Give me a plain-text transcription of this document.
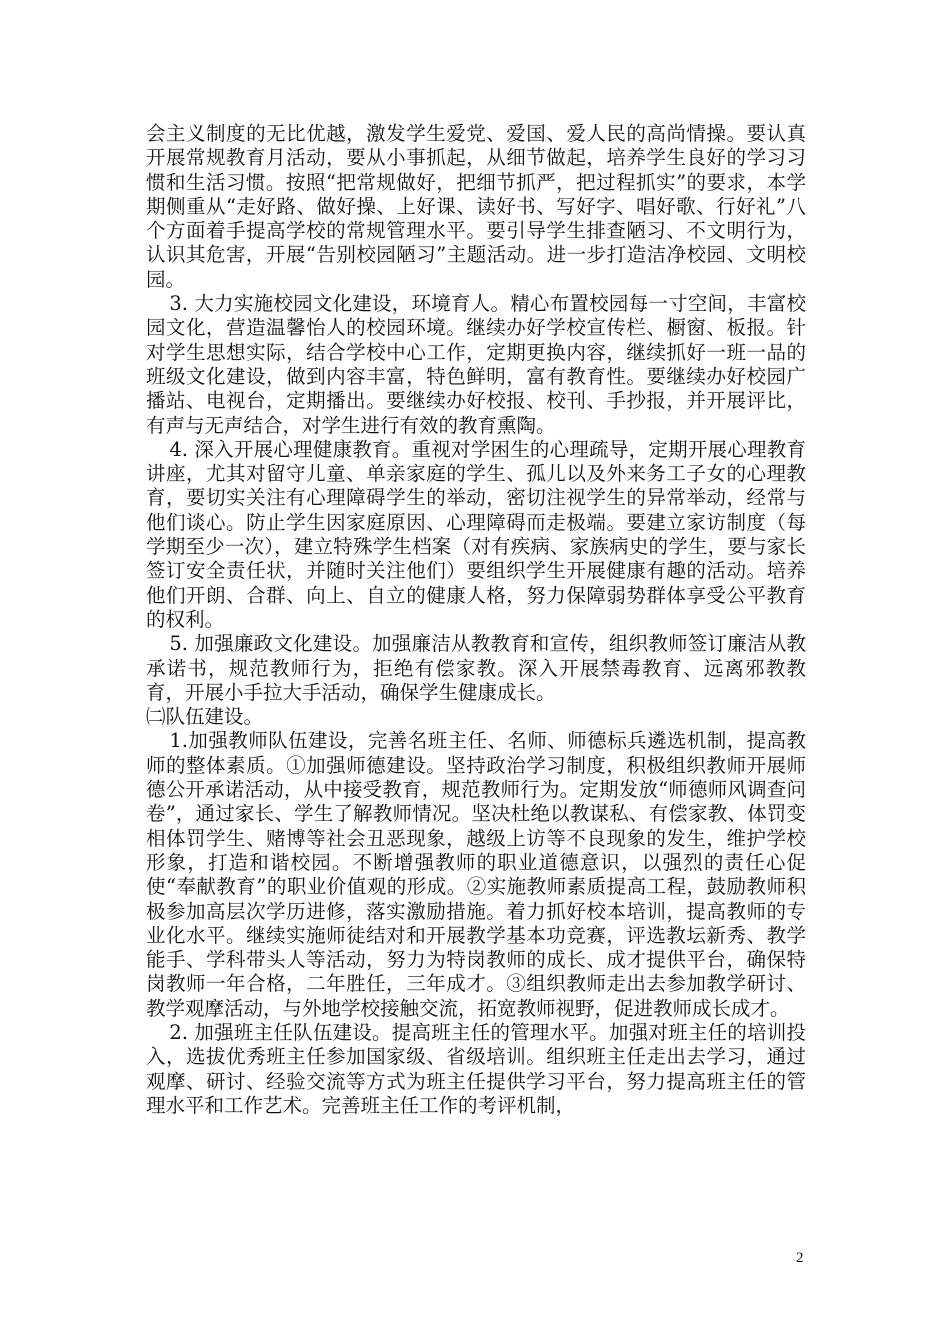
会主义制度的无比优越，激发学生爱党、爱国、爱人民的高尚情操。要认真开展常规教育月活动，要从小事抓起，从细节做起，培养学生良好的学习习惯和生活习惯。按照“把常规做好，把细节抓严，把过程抓实”的要求，本学期侧重从“走好路、做好操、上好课、读好书、写好字、唱好歌、行好礼”八个方面着手提高学校的常规管理水平。要引导学生排查陋习、不文明行为，认识其危害，开展“告别校园陋习”主题活动。进一步打造洁净校园、文明校园。

3. 大力实施校园文化建设，环境育人。精心布置校园每一寸空间，丰富校园文化，营造温馨怡人的校园环境。继续办好学校宣传栏、橱窗、板报。针对学生思想实际，结合学校中心工作，定期更换内容，继续抓好一班一品的班级文化建设，做到内容丰富，特色鲜明，富有教育性。要继续办好校园广播站、电视台，定期播出。要继续办好校报、校刊、手抄报，并开展评比，有声与无声结合，对学生进行有效的教育熏陶。

4. 深入开展心理健康教育。重视对学困生的心理疏导，定期开展心理教育讲座，尤其对留守儿童、单亲家庭的学生、孤儿以及外来务工子女的心理教育，要切实关注有心理障碍学生的举动，密切注视学生的异常举动，经常与他们谈心。防止学生因家庭原因、心理障碍而走极端。要建立家访制度（每学期至少一次），建立特殊学生档案（对有疾病、家族病史的学生，要与家长签订安全责任状，并随时关注他们）要组织学生开展健康有趣的活动。培养他们开朗、合群、向上、自立的健康人格，努力保障弱势群体享受公平教育的权利。

5. 加强廉政文化建设。加强廉洁从教教育和宣传，组织教师签订廉洁从教承诺书，规范教师行为，拒绝有偿家教。深入开展禁毒教育、远离邪教教育，开展小手拉大手活动，确保学生健康成长。

㈡队伍建设。

1.加强教师队伍建设，完善名班主任、名师、师德标兵遴选机制，提高教师的整体素质。①加强师德建设。坚持政治学习制度，积极组织教师开展师德公开承诺活动，从中接受教育，规范教师行为。定期发放“师德师风调查问卷”，通过家长、学生了解教师情况。坚决杜绝以教谋私、有偿家教、体罚变相体罚学生、赌博等社会丑恶现象，越级上访等不良现象的发生，维护学校形象，打造和谐校园。不断增强教师的职业道德意识，以强烈的责任心促使“奉献教育”的职业价值观的形成。②实施教师素质提高工程，鼓励教师积极参加高层次学历进修，落实激励措施。着力抓好校本培训，提高教师的专业化水平。继续实施师徒结对和开展教学基本功竞赛，评选教坛新秀、教学能手、学科带头人等活动，努力为特岗教师的成长、成才提供平台，确保特岗教师一年合格，二年胜任，三年成才。③组织教师走出去参加教学研讨、教学观摩活动，与外地学校接触交流，拓宽教师视野，促进教师成长成才。

2. 加强班主任队伍建设。提高班主任的管理水平。加强对班主任的培训投入，选拔优秀班主任参加国家级、省级培训。组织班主任走出去学习，通过观摩、研讨、经验交流等方式为班主任提供学习平台，努力提高班主任的管理水平和工作艺术。完善班主任工作的考评机制，

2
